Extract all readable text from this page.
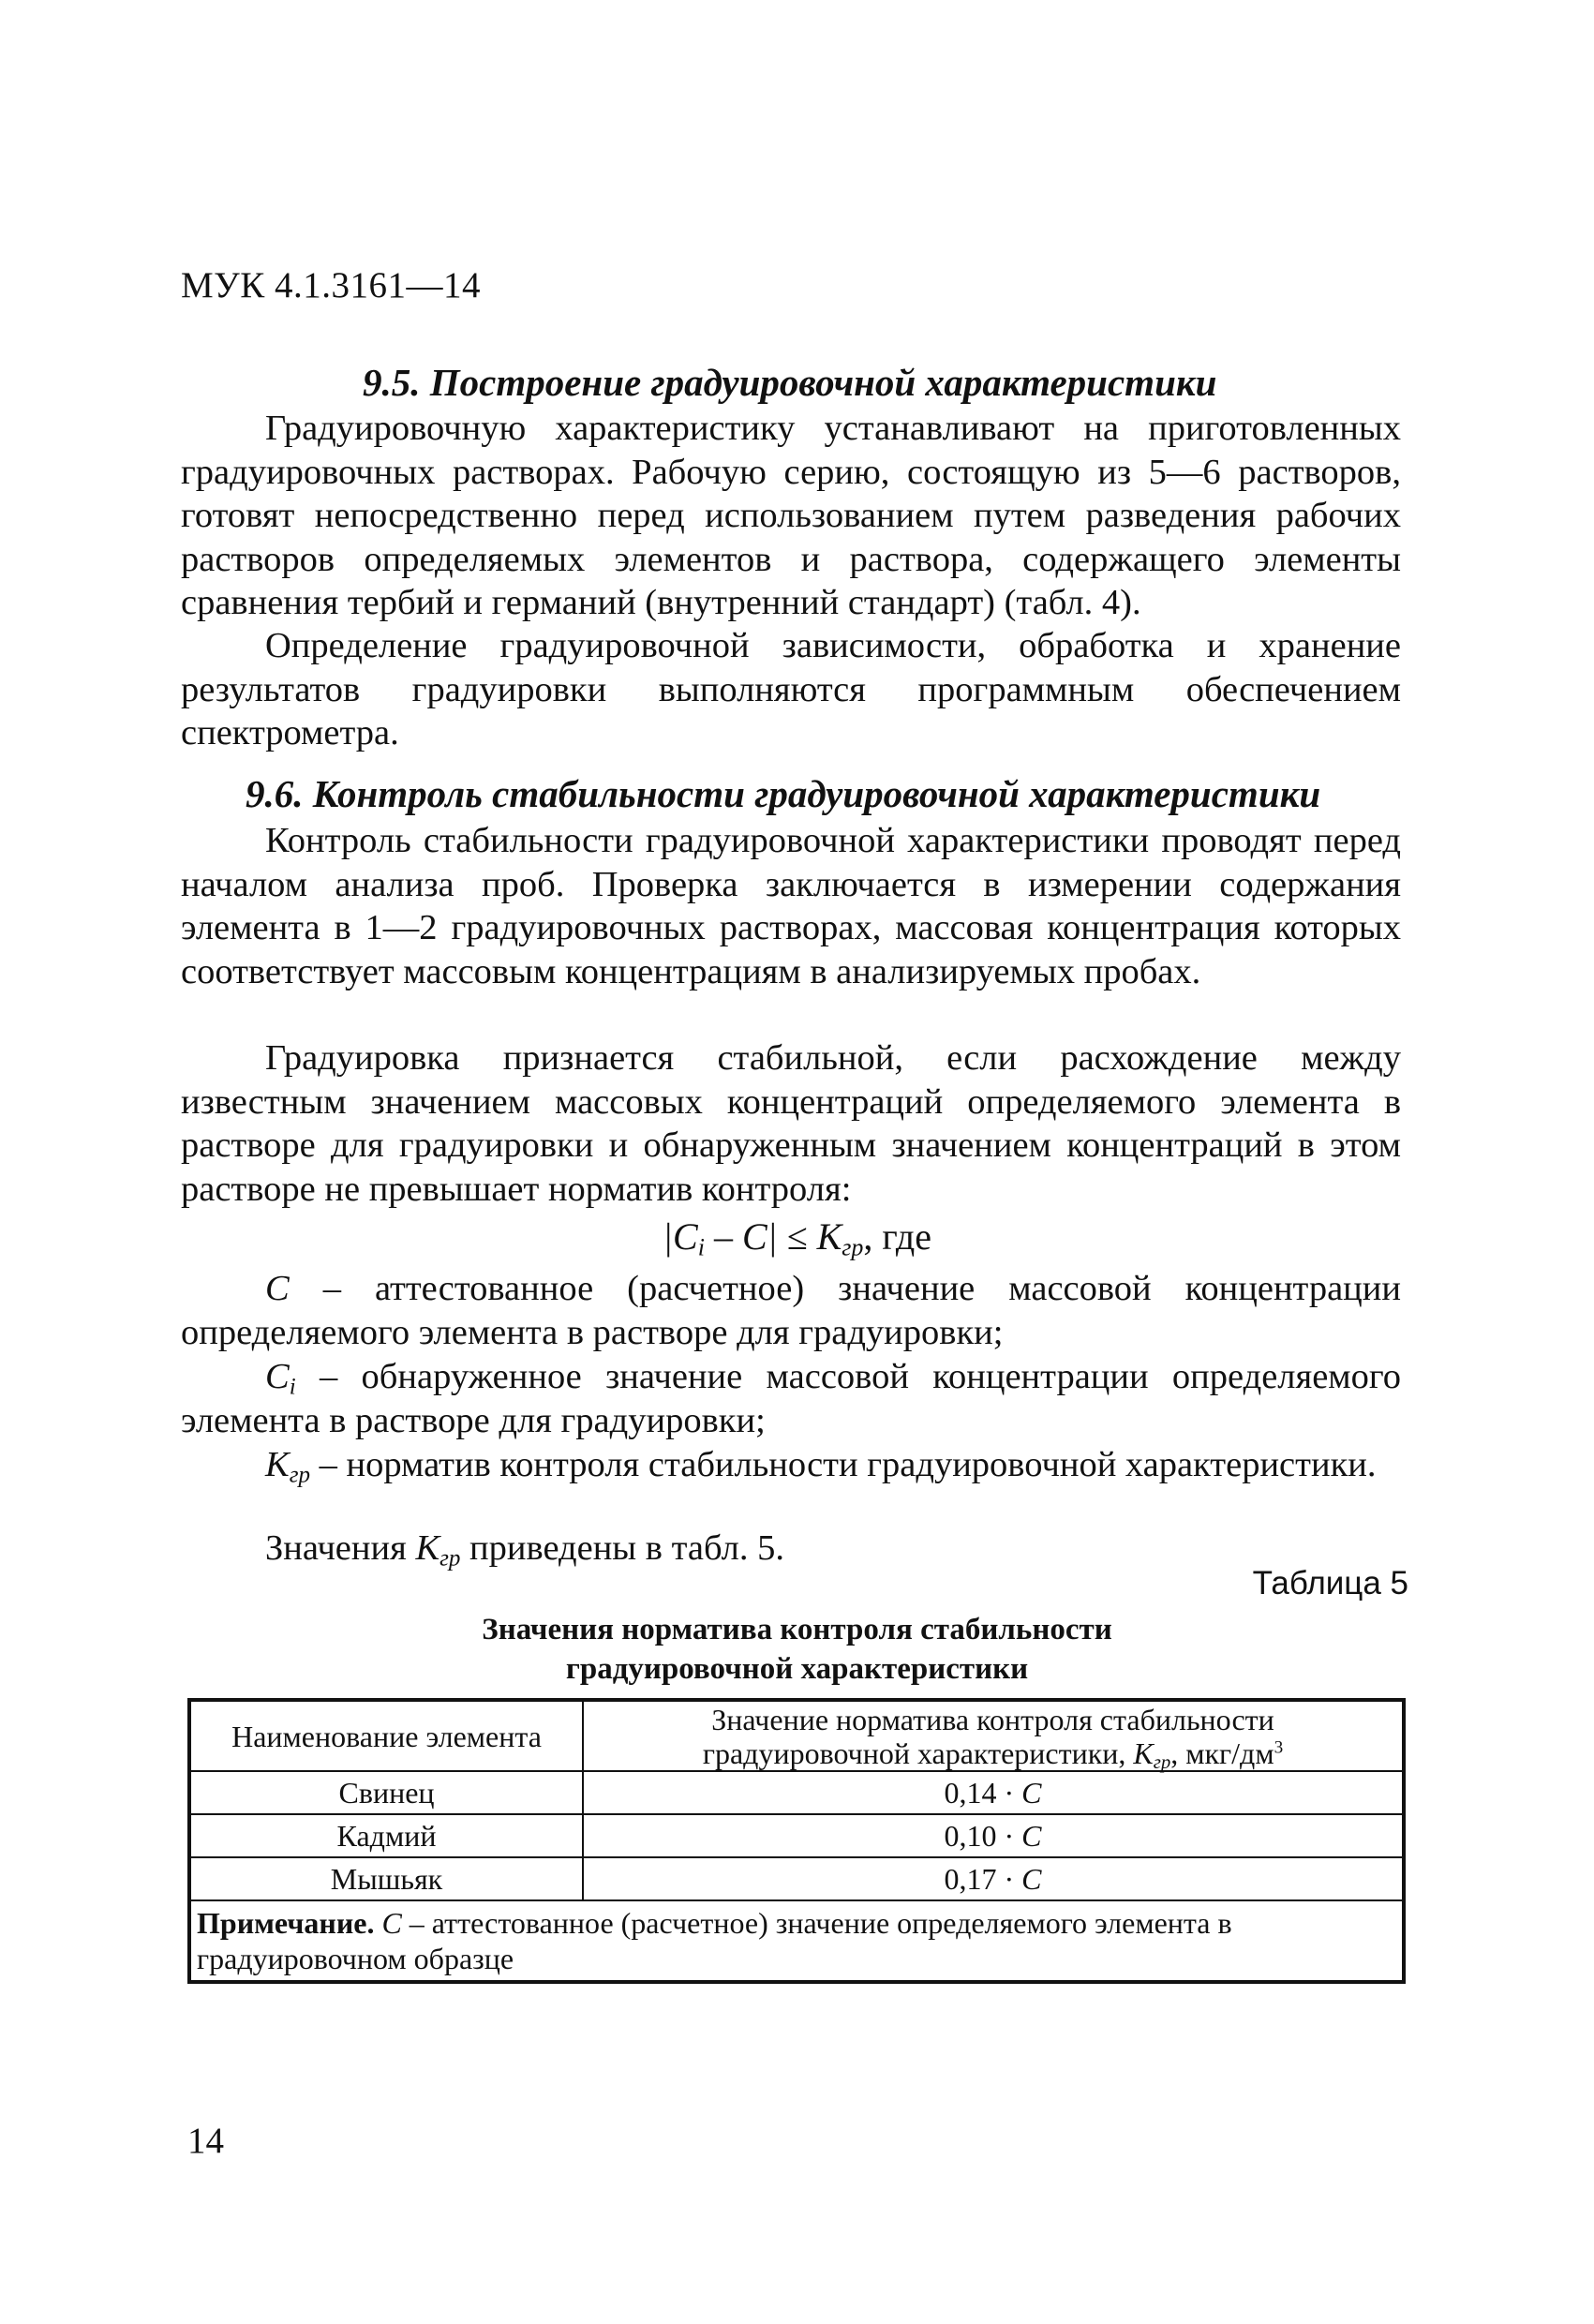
МУК 4.1.3161—14
9.5. Построение градуировочной характеристики
Градуировочную характеристику устанавливают на приготовленных градуировочных растворах. Рабочую серию, состоящую из 5—6 растворов, готовят непосредственно перед использованием путем разведения рабочих растворов определяемых элементов и раствора, содержащего элементы сравнения тербий и германий (внутренний стандарт) (табл. 4).
Определение градуировочной зависимости, обработка и хранение результатов градуировки выполняются программным обеспечением спектрометра.
9.6. Контроль стабильности градуировочной характеристики
Контроль стабильности градуировочной характеристики проводят перед началом анализа проб. Проверка заключается в измерении содержания элемента в 1—2 градуировочных растворах, массовая концентрация которых соответствует массовым концентрациям в анализируемых пробах.
Градуировка признается стабильной, если расхождение между известным значением массовых концентраций определяемого элемента в растворе для градуировки и обнаруженным значением концентраций в этом растворе не превышает норматив контроля:
$|C_i - C| \le K_{гр}$, где
C – аттестованное (расчетное) значение массовой концентрации определяемого элемента в растворе для градуировки;
$C_i$ – обнаруженное значение массовой концентрации определяемого элемента в растворе для градуировки;
$K_{гр}$ – норматив контроля стабильности градуировочной характеристики.
Значения $K_{гр}$ приведены в табл. 5.
Таблица 5
Значения норматива контроля стабильности
градуировочной характеристики
Наименование элемента	Значение норматива контроля стабильности
градуировочной характеристики, $K_{гр}$, мкг/$дм^3$

Свинец	0,14 · C
Кадмий	0,10 · C
Мышьяк	0,17 · C
Примечание. C – аттестованное (расчетное) значение определяемого элемента в градуировочном образце	
14
